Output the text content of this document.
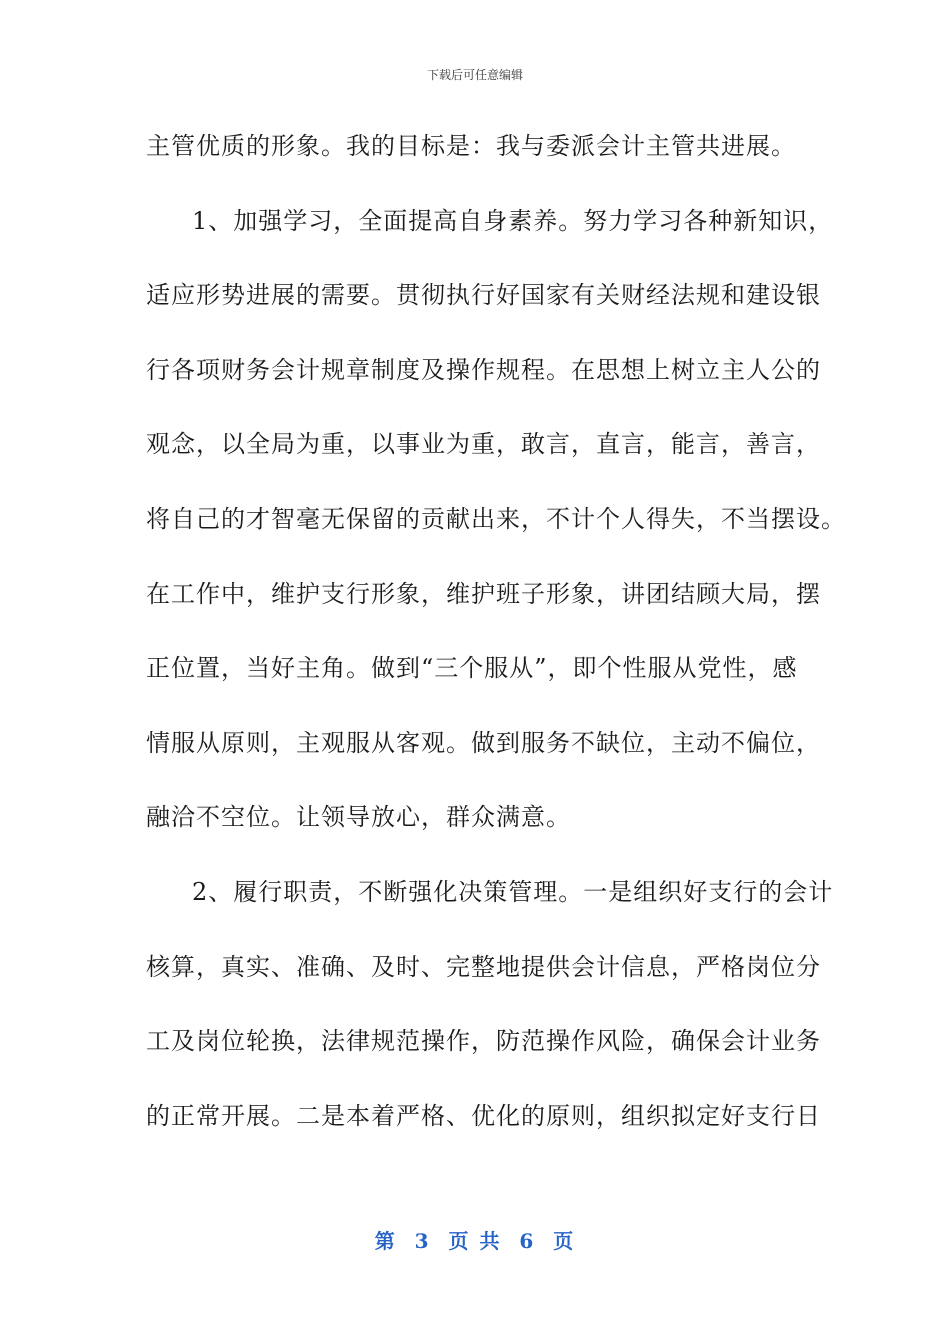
下载后可任意编辑
主管优质的形象。我的目标是：我与委派会计主管共进展。
1、加强学习，全面提高自身素养。努力学习各种新知识，
适应形势进展的需要。贯彻执行好国家有关财经法规和建设银
行各项财务会计规章制度及操作规程。在思想上树立主人公的
观念，以全局为重，以事业为重，敢言，直言，能言，善言，
将自己的才智毫无保留的贡献出来，不计个人得失，不当摆设。
在工作中，维护支行形象，维护班子形象，讲团结顾大局，摆
正位置，当好主角。做到“三个服从”，即个性服从党性，感
情服从原则，主观服从客观。做到服务不缺位，主动不偏位，
融洽不空位。让领导放心，群众满意。
2、履行职责，不断强化决策管理。一是组织好支行的会计
核算，真实、准确、及时、完整地提供会计信息，严格岗位分
工及岗位轮换，法律规范操作，防范操作风险，确保会计业务
的正常开展。二是本着严格、优化的原则，组织拟定好支行日
第  3  页 共  6  页
